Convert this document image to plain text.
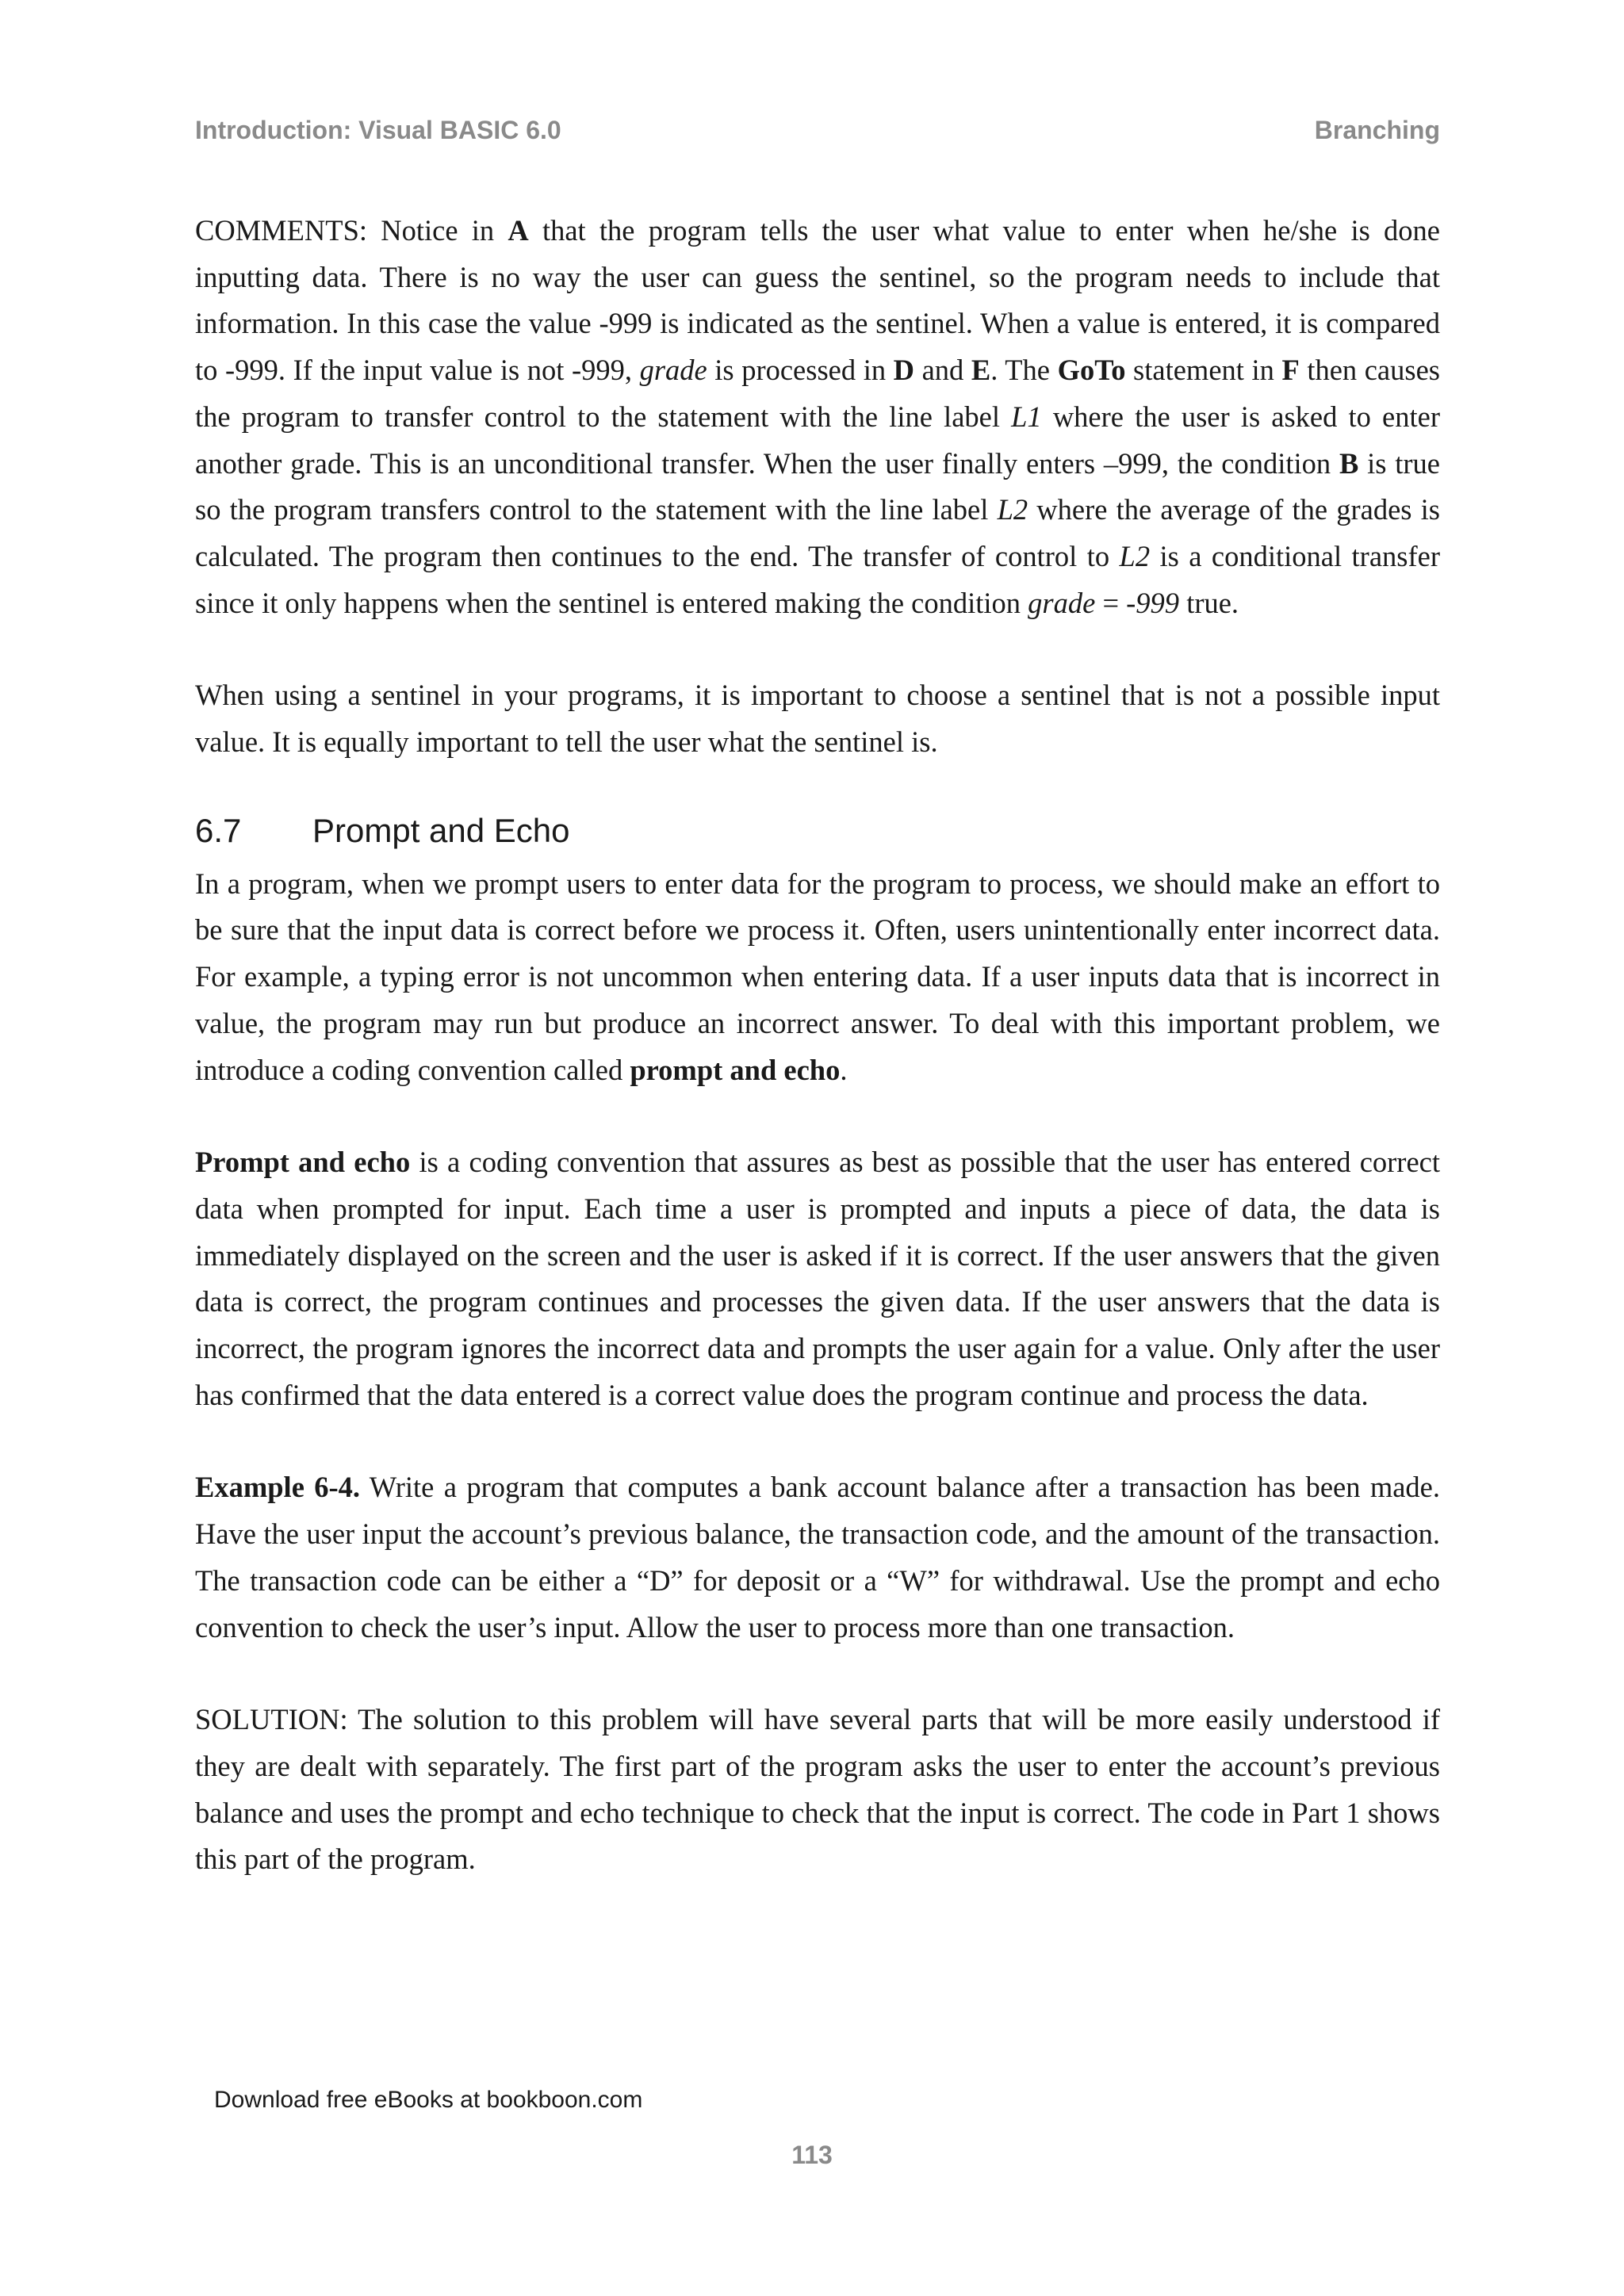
Introduction: Visual BASIC 6.0	Branching

COMMENTS: Notice in A that the program tells the user what value to enter when he/she is done inputting data. There is no way the user can guess the sentinel, so the program needs to include that information. In this case the value -999 is indicated as the sentinel. When a value is entered, it is compared to -999. If the input value is not -999, grade is processed in D and E. The GoTo statement in F then causes the program to transfer control to the statement with the line label L1 where the user is asked to enter another grade. This is an unconditional transfer. When the user finally enters –999, the condition B is true so the program transfers control to the statement with the line label L2 where the average of the grades is calculated. The program then continues to the end. The transfer of control to L2 is a conditional transfer since it only happens when the sentinel is entered making the condition grade = -999 true.

When using a sentinel in your programs, it is important to choose a sentinel that is not a possible input value. It is equally important to tell the user what the sentinel is.

6.7 Prompt and Echo

In a program, when we prompt users to enter data for the program to process, we should make an effort to be sure that the input data is correct before we process it. Often, users unintentionally enter incorrect data. For example, a typing error is not uncommon when entering data. If a user inputs data that is incorrect in value, the program may run but produce an incorrect answer. To deal with this important problem, we introduce a coding convention called prompt and echo.

Prompt and echo is a coding convention that assures as best as possible that the user has entered correct data when prompted for input. Each time a user is prompted and inputs a piece of data, the data is immediately displayed on the screen and the user is asked if it is correct. If the user answers that the given data is correct, the program continues and processes the given data. If the user answers that the data is incorrect, the program ignores the incorrect data and prompts the user again for a value. Only after the user has confirmed that the data entered is a correct value does the program continue and process the data.

Example 6-4. Write a program that computes a bank account balance after a transaction has been made. Have the user input the account’s previous balance, the transaction code, and the amount of the transaction. The transaction code can be either a “D” for deposit or a “W” for withdrawal. Use the prompt and echo convention to check the user’s input. Allow the user to process more than one transaction.

SOLUTION: The solution to this problem will have several parts that will be more easily understood if they are dealt with separately. The first part of the program asks the user to enter the account’s previous balance and uses the prompt and echo technique to check that the input is correct. The code in Part 1 shows this part of the program.

Download free eBooks at bookboon.com
113
